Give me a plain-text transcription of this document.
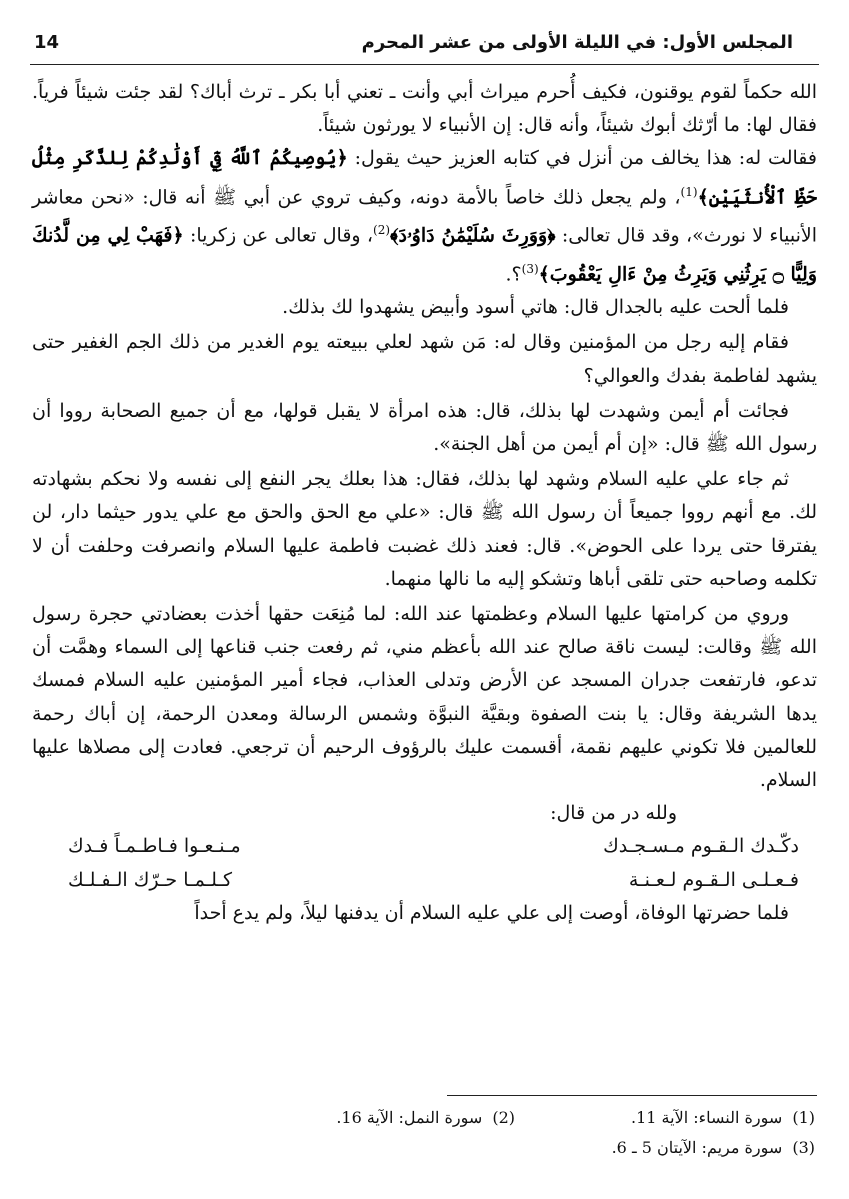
المجلس الأول: في الليلة الأولى من عشر المحرم
14

الله حكماً لقوم يوقنون، فكيف أُحرم ميراث أبي وأنت ـ تعني أبا بكر ـ ترث أباك؟ لقد جئت شيئاً فرياً. فقال لها: ما أرّثك أبوك شيئاً، وأنه قال: إن الأنبياء لا يورثون شيئاً.

فقالت له: هذا يخالف من أنزل في كتابه العزيز حيث يقول: ﴿يُوصِيكُمُ ٱللَّهُ فِيٓ أَوْلَٰدِكُمْ لِلذَّكَرِ مِثْلُ حَظِّ ٱلْأُنثَيَيْنِ﴾$^{(1)}$، ولم يجعل ذلك خاصاً بالأمة دونه، وكيف تروي عن أبي ﷺ أنه قال: «نحن معاشر الأنبياء لا نورث»، وقد قال تعالى: ﴿وَوَرِثَ سُلَيْمَٰنُ دَاوُۥدَ﴾$^{(2)}$، وقال تعالى عن زكريا: ﴿فَهَبْ لِي مِن لَّدُنكَ وَلِيًّا ۝ يَرِثُنِي وَيَرِثُ مِنْ ءَالِ يَعْقُوبَ﴾$^{(3)}$؟.

فلما ألحت عليه بالجدال قال: هاتي أسود وأبيض يشهدوا لك بذلك.

فقام إليه رجل من المؤمنين وقال له: مَن شهد لعلي ببيعته يوم الغدير من ذلك الجم الغفير حتى يشهد لفاطمة بفدك والعوالي؟

فجائت أم أيمن وشهدت لها بذلك، قال: هذه امرأة لا يقبل قولها، مع أن جميع الصحابة رووا أن رسول الله ﷺ قال: «إن أم أيمن من أهل الجنة».

ثم جاء علي عليه السلام وشهد لها بذلك، فقال: هذا بعلك يجر النفع إلى نفسه ولا نحكم بشهادته لك. مع أنهم رووا جميعاً أن رسول الله ﷺ قال: «علي مع الحق والحق مع علي يدور حيثما دار، لن يفترقا حتى يردا على الحوض». قال: فعند ذلك غضبت فاطمة عليها السلام وانصرفت وحلفت أن لا تكلمه وصاحبه حتى تلقى أباها وتشكو إليه ما نالها منهما.

وروي من كرامتها عليها السلام وعظمتها عند الله: لما مُنِعَت حقها أخذت بعضادتي حجرة رسول الله ﷺ وقالت: ليست ناقة صالح عند الله بأعظم مني، ثم رفعت جنب قناعها إلى السماء وهمَّت أن تدعو، فارتفعت جدران المسجد عن الأرض وتدلى العذاب، فجاء أمير المؤمنين عليه السلام فمسك يدها الشريفة وقال: يا بنت الصفوة وبقيَّة النبوَّة وشمس الرسالة ومعدن الرحمة، إن أباك رحمة للعالمين فلا تكوني عليهم نقمة، أقسمت عليك بالرؤوف الرحيم أن ترجعي. فعادت إلى مصلاها عليها السلام.

ولله در من قال:

دكّـدك الـقـوم مـسـجـدك
مـنـعـوا فـاطـمـاً فـدك
فـعـلـى الـقـوم لـعـنـة
كـلـمـا حـرّك الـفـلـك

فلما حضرتها الوفاة، أوصت إلى علي عليه السلام أن يدفنها ليلاً، ولم يدع أحداً

(1)سورة النساء: الآية 11.
(2)سورة النمل: الآية 16.
(3)سورة مريم: الآيتان 5 ـ 6.
